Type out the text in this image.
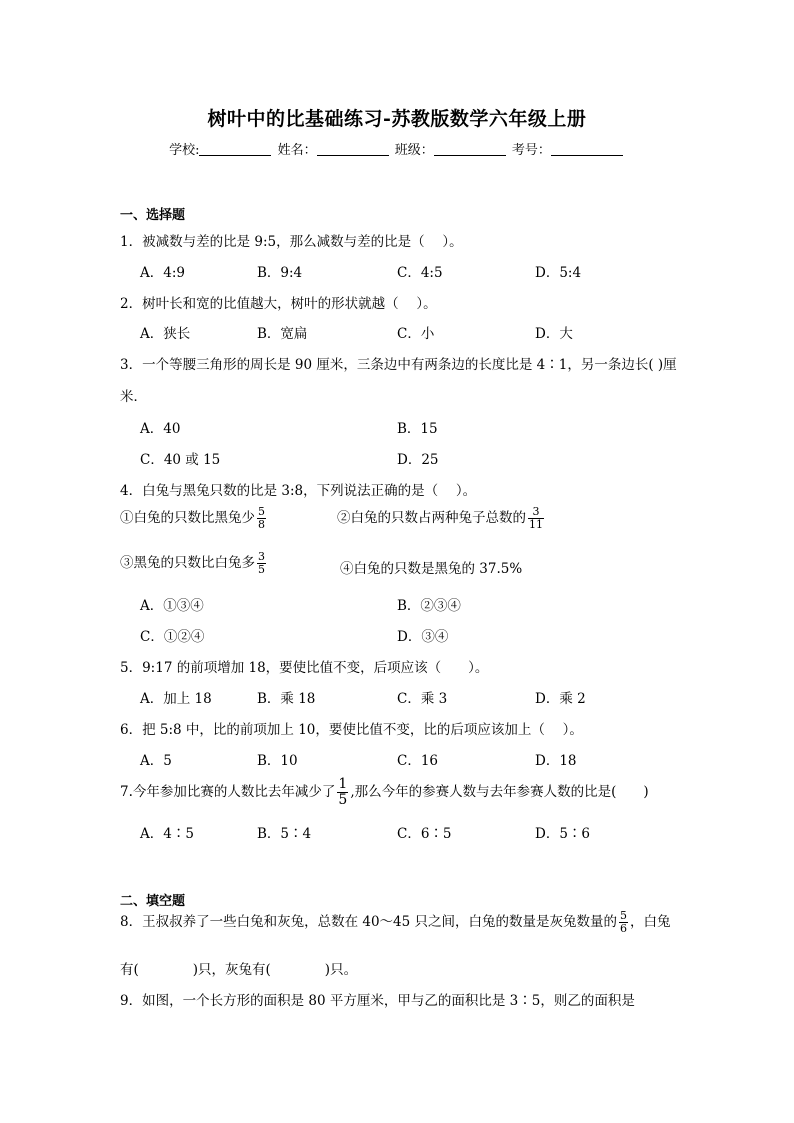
树叶中的比基础练习-苏教版数学六年级上册
学校:	姓名：	班级：	考号：
一、选择题
1．被减数与差的比是 9:5，那么减数与差的比是（　 ）。
A．4:9	B．9:4	C．4:5	D．5:4
2．树叶长和宽的比值越大，树叶的形状就越（　 ）。
A．狭长	B．宽扁	C．小	D．大
3．一个等腰三角形的周长是 90 厘米，三条边中有两条边的长度比是 4∶1，另一条边长( )厘
米．
A．40	B．15
C．40 或 15	D．25
4．白兔与黑兔只数的比是 3:8，下列说法正确的是（　 ）。
①白兔的只数比黑兔少 $\frac{5}{8}$	②白兔的只数占两种兔子总数的 $\frac{3}{11}$
③黑兔的只数比白兔多 $\frac{3}{5}$	④白兔的只数是黑兔的 37.5%
A．①③④	B．②③④
C．①②④	D．③④
5．9:17 的前项增加 18，要使比值不变，后项应该（　　）。
A．加上 18	B．乘 18	C．乘 3	D．乘 2
6．把 5:8 中，比的前项加上 10，要使比值不变，比的后项应该加上（　 ）。
A．5	B．10	C．16	D．18
7.今年参加比赛的人数比去年减少了 $\frac{1}{5}$ ,那么今年的参赛人数与去年参赛人数的比是(　　)
A．4∶5	B．5∶4	C．6∶5	D．5∶6
二、填空题
8．王叔叔养了一些白兔和灰兔，总数在 40～45 只之间，白兔的数量是灰兔数量的 $\frac{5}{6}$ ，白兔
有(　　　　)只，灰兔有(　　　　)只。
9．如图，一个长方形的面积是 80 平方厘米，甲与乙的面积比是 3∶5，则乙的面积是
